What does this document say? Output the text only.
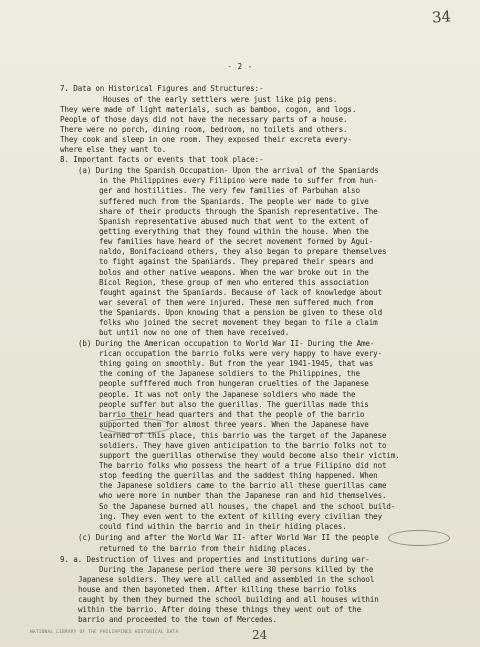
34
- 2 -
7. Data on Historical Figures and Structures:-
Houses of the early settlers were just like pig pens.
They were made of light materials, such as bamboo, cogon, and logs.
People of those days did not have the necessary parts of a house.
There were no porch, dining room, bedroom, no toilets and others.
They cook and sleep in one room. They exposed their excreta every-
where else they want to.
8. Important facts or events that took place:-
(a) During the Spanish Occupation- Upon the arrival of the Spaniards
in the Philippines every Filipino were made to suffer from hun-
ger and hostilities. The very few families of Parbuhan also
suffered much from the Spaniards. The people wer made to give
share of their products through the Spanish representative. The
Spanish representative abused much that went to the extent of
getting everything that they found within the house. When the
few families have heard of the secret movement formed by Agui-
naldo, Bonifacioand others, they also began to prepare themselves
to fight against the Spaniards. They prepared their spears and
bolos and other native weapons. When the war broke out in the
Bicol Region, these group of men who entered this association
fought against the Spaniards. Because of lack of knowledge about
war several of them were injured. These men suffered much from
the Spaniards. Upon knowing that a pension be given to these old
folks who joined the secret movement they began to file a claim
but until now no one of them have received.
(b) During the American occupation to World War II- During the Ame-
rican occupation the barrio folks were very happy to have every-
thing going on smoothly. But from the year 1941-1945, that was
the coming of the Japanese soldiers to the Philippines, the
people sufffered much from hungeran cruelties of the Japanese
people. It was not only the Japanese soldiers who made the
people suffer but also the guerillas. The guerillas made this
barrio their head quarters and that the people of the barrio
supported them for almost three years. When the Japanese have
learned of this place, this barrio was the target of the Japanese
soldiers. They have given anticipation to the barrio folks not to
support the guerillas otherwise they would become also their victim.
The barrio folks who possess the heart of a true Filipino did not
stop feeding the guerillas and the saddest thing happened. When
the Japanese soldiers came to the barrio all these guerillas came
who were more in number than the Japanese ran and hid themselves.
So the Japanese burned all houses, the chapel and the school build-
ing. They even went to the extent of killing every civilian they
could find within the barrio and in their hiding places.
(c) During and after the World War II- after World War II the people
returned to the barrio from their hiding places.
9. a. Destruction of lives and properties and institutions during war-
During the Japanese period there were 30 persons killed by the
Japanese soldiers. They were all called and assembled in the school
house and then bayoneted them. After killing these barrio folks
caught by them they burned the school building and all houses within
within the barrio. After doing these things they went out of the
barrio and proceeded to the town of Mercedes.
NATIONAL LIBRARY OF THE PHILIPPINES HISTORICAL DATA	24
